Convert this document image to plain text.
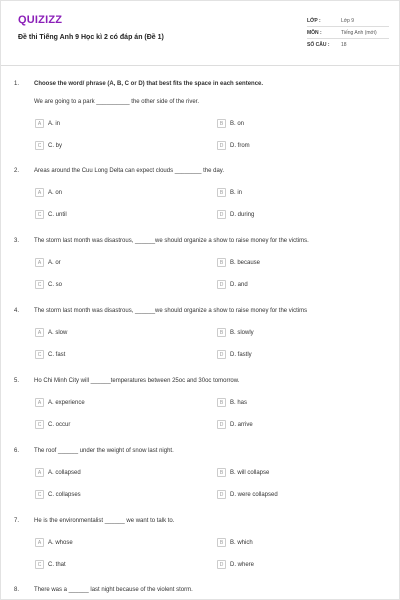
QUIZIZZ
Đề thi Tiếng Anh 9 Học kì 2 có đáp án (Đề 1)
LỚP :	Lớp 9
MÔN :	Tiếng Anh (mới)
SỐ CÂU :	18
1. Choose the word/ phrase (A, B, C or D) that best fits the space in each sentence.
We are going to a park __________ the other side of the river.
A	A. in	B	B. on
C	C. by	D	D. from
2. Areas around the Cuu Long Delta can expect clouds ________ the day.
A	A. on	B	B. in
C	C. until	D	D. during
3. The storm last month was disastrous, ______we should organize a show to raise money for the victims.
A	A. or	B	B. because
C	C. so	D	D. and
4. The storm last month was disastrous, ______we should organize a show to raise money for the victims
A	A. slow	B	B. slowly
C	C. fast	D	D. fastly
5. Ho Chi Minh City will ______temperatures between 25oc and 30oc tomorrow.
A	A. experience	B	B. has
C	C. occur	D	D. arrive
6. The roof ______ under the weight of snow last night.
A	A. collapsed	B	B. will collapse
C	C. collapses	D	D. were collapsed
7. He is the environmentalist ______ we want to talk to.
A	A. whose	B	B. which
C	C. that	D	D. where
8. There was a ______ last night because of the violent storm.
